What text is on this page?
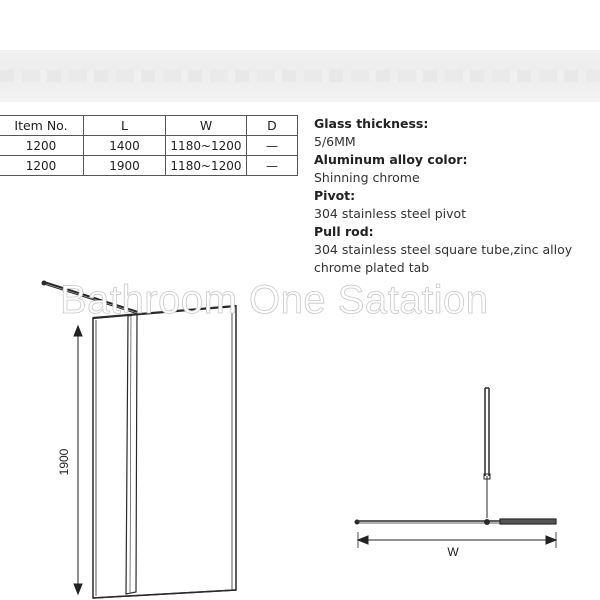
Item No.	L	W	D
1200	1400	1180~1200	—
1200	1900	1180~1200	—
Glass thickness:
5/6MM
Aluminum alloy color:
Shinning chrome
Pivot:
304 stainless steel pivot
Pull rod:
304 stainless steel square tube,zinc alloy
chrome plated tab
1900
W
Bathroom One Satation
